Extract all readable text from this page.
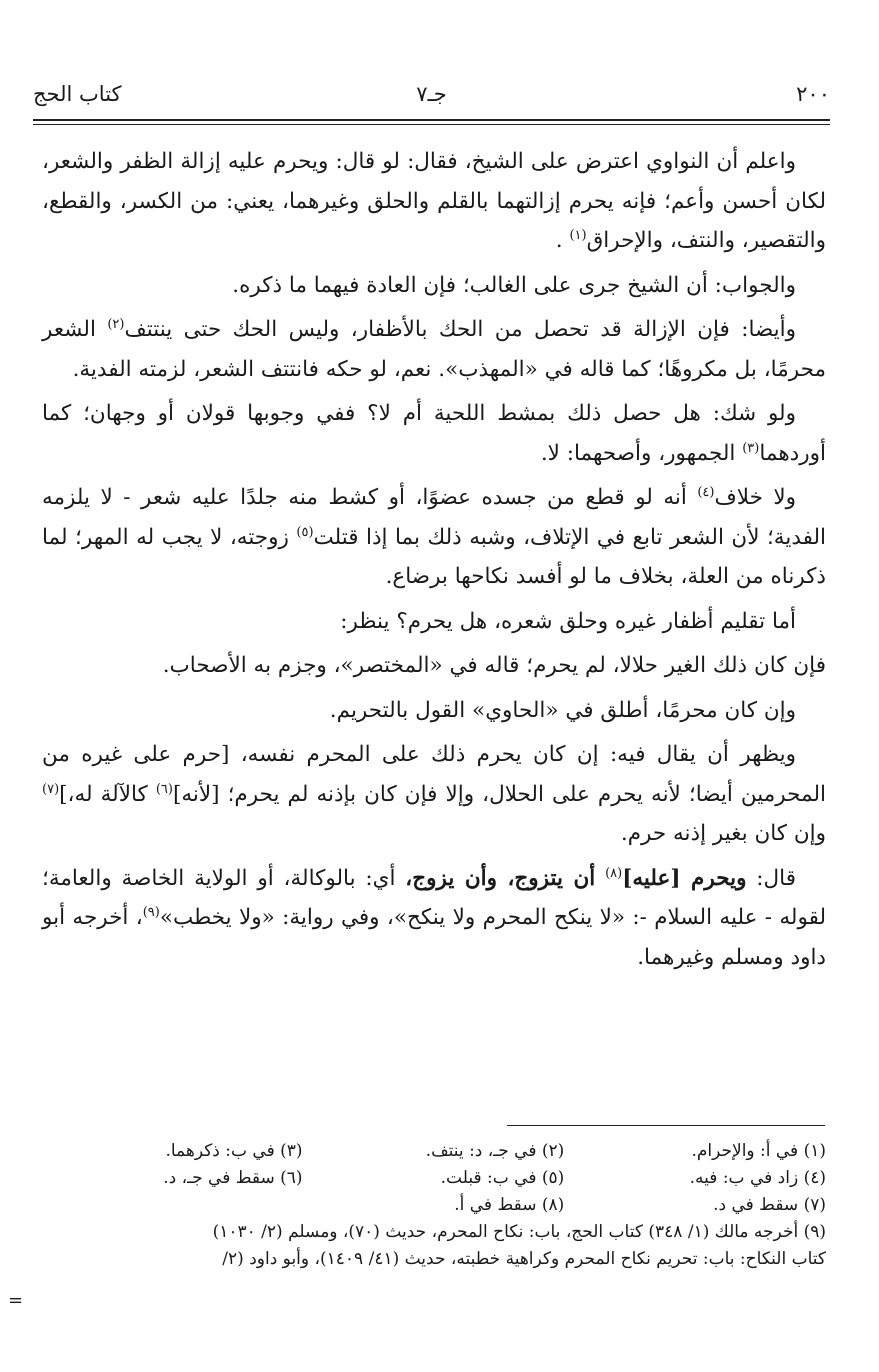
٢٠٠
جـ٧
كتاب الحج

واعلم أن النواوي اعترض على الشيخ، فقال: لو قال: ويحرم عليه إزالة الظفر والشعر، لكان أحسن وأعم؛ فإنه يحرم إزالتهما بالقلم والحلق وغيرهما، يعني: من الكسر، والقطع، والتقصير، والنتف، والإحراق$^{(١)}$ .

والجواب: أن الشيخ جرى على الغالب؛ فإن العادة فيهما ما ذكره.

وأيضا: فإن الإزالة قد تحصل من الحك بالأظفار، وليس الحك حتى ينتتف$^{(٢)}$ الشعر محرمًا، بل مكروهًا؛ كما قاله في «المهذب». نعم، لو حكه فانتتف الشعر، لزمته الفدية.

ولو شك: هل حصل ذلك بمشط اللحية أم لا؟ ففي وجوبها قولان أو وجهان؛ كما أوردهما$^{(٣)}$ الجمهور، وأصحهما: لا.

ولا خلاف$^{(٤)}$ أنه لو قطع من جسده عضوًا، أو كشط منه جلدًا عليه شعر - لا يلزمه الفدية؛ لأن الشعر تابع في الإتلاف، وشبه ذلك بما إذا قتلت$^{(٥)}$ زوجته، لا يجب له المهر؛ لما ذكرناه من العلة، بخلاف ما لو أفسد نكاحها برضاع.

أما تقليم أظفار غيره وحلق شعره، هل يحرم؟ ينظر:

فإن كان ذلك الغير حلالا، لم يحرم؛ قاله في «المختصر»، وجزم به الأصحاب.

وإن كان محرمًا، أطلق في «الحاوي» القول بالتحريم.

ويظهر أن يقال فيه: إن كان يحرم ذلك على المحرم نفسه، [حرم على غيره من المحرمين أيضا؛ لأنه يحرم على الحلال، وإلا فإن كان بإذنه لم يحرم؛ [لأنه]$^{(٦)}$ كالآلة له،]$^{(٧)}$ وإن كان بغير إذنه حرم.

قال: ويحرم [عليه]$^{(٨)}$ أن يتزوج، وأن يزوج، أي: بالوكالة، أو الولاية الخاصة والعامة؛ لقوله - عليه السلام -: «لا ينكح المحرم ولا ينكح»، وفي رواية: «ولا يخطب»$^{(٩)}$، أخرجه أبو داود ومسلم وغيرهما.

(١) في أ: والإحرام.
(٢) في جـ، د: ينتف.
(٣) في ب: ذكرهما.
(٤) زاد في ب: فيه.
(٥) في ب: قبلت.
(٦) سقط في جـ، د.
(٧) سقط في د.
(٨) سقط في أ.
(٩) أخرجه مالك (١/ ٣٤٨) كتاب الحج، باب: نكاح المحرم، حديث (٧٠)، ومسلم (٢/ ١٠٣٠)
كتاب النكاح: باب: تحريم نكاح المحرم وكراهية خطبته، حديث (٤١/ ١٤٠٩)، وأبو داود (٢/
=
